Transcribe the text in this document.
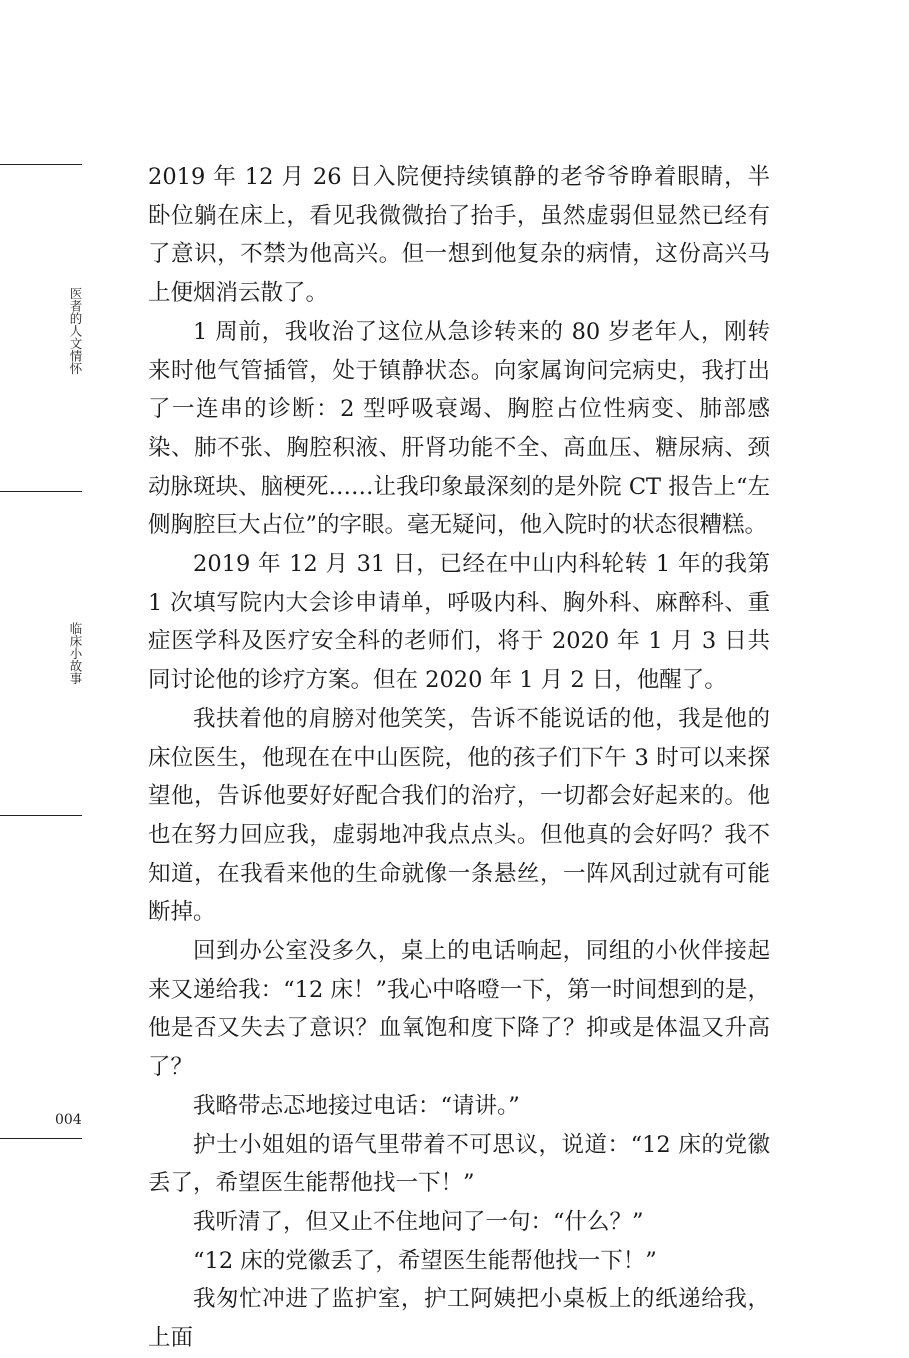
医者的人文情怀
临床小故事
004

2019 年 12 月 26 日入院便持续镇静的老爷爷睁着眼睛，半卧位躺在床上，看见我微微抬了抬手，虽然虚弱但显然已经有了意识，不禁为他高兴。但一想到他复杂的病情，这份高兴马上便烟消云散了。

1 周前，我收治了这位从急诊转来的 80 岁老年人，刚转来时他气管插管，处于镇静状态。向家属询问完病史，我打出了一连串的诊断：2 型呼吸衰竭、胸腔占位性病变、肺部感染、肺不张、胸腔积液、肝肾功能不全、高血压、糖尿病、颈动脉斑块、脑梗死……让我印象最深刻的是外院 CT 报告上“左侧胸腔巨大占位”的字眼。毫无疑问，他入院时的状态很糟糕。

2019 年 12 月 31 日，已经在中山内科轮转 1 年的我第 1 次填写院内大会诊申请单，呼吸内科、胸外科、麻醉科、重症医学科及医疗安全科的老师们，将于 2020 年 1 月 3 日共同讨论他的诊疗方案。但在 2020 年 1 月 2 日，他醒了。

我扶着他的肩膀对他笑笑，告诉不能说话的他，我是他的床位医生，他现在在中山医院，他的孩子们下午 3 时可以来探望他，告诉他要好好配合我们的治疗，一切都会好起来的。他也在努力回应我，虚弱地冲我点点头。但他真的会好吗？我不知道，在我看来他的生命就像一条悬丝，一阵风刮过就有可能断掉。

回到办公室没多久，桌上的电话响起，同组的小伙伴接起来又递给我：“12 床！”我心中咯噔一下，第一时间想到的是，他是否又失去了意识？血氧饱和度下降了？抑或是体温又升高了？

我略带忐忑地接过电话：“请讲。”

护士小姐姐的语气里带着不可思议，说道：“12 床的党徽丢了，希望医生能帮他找一下！”

我听清了，但又止不住地问了一句：“什么？”

“12 床的党徽丢了，希望医生能帮他找一下！”

我匆忙冲进了监护室，护工阿姨把小桌板上的纸递给我，上面
